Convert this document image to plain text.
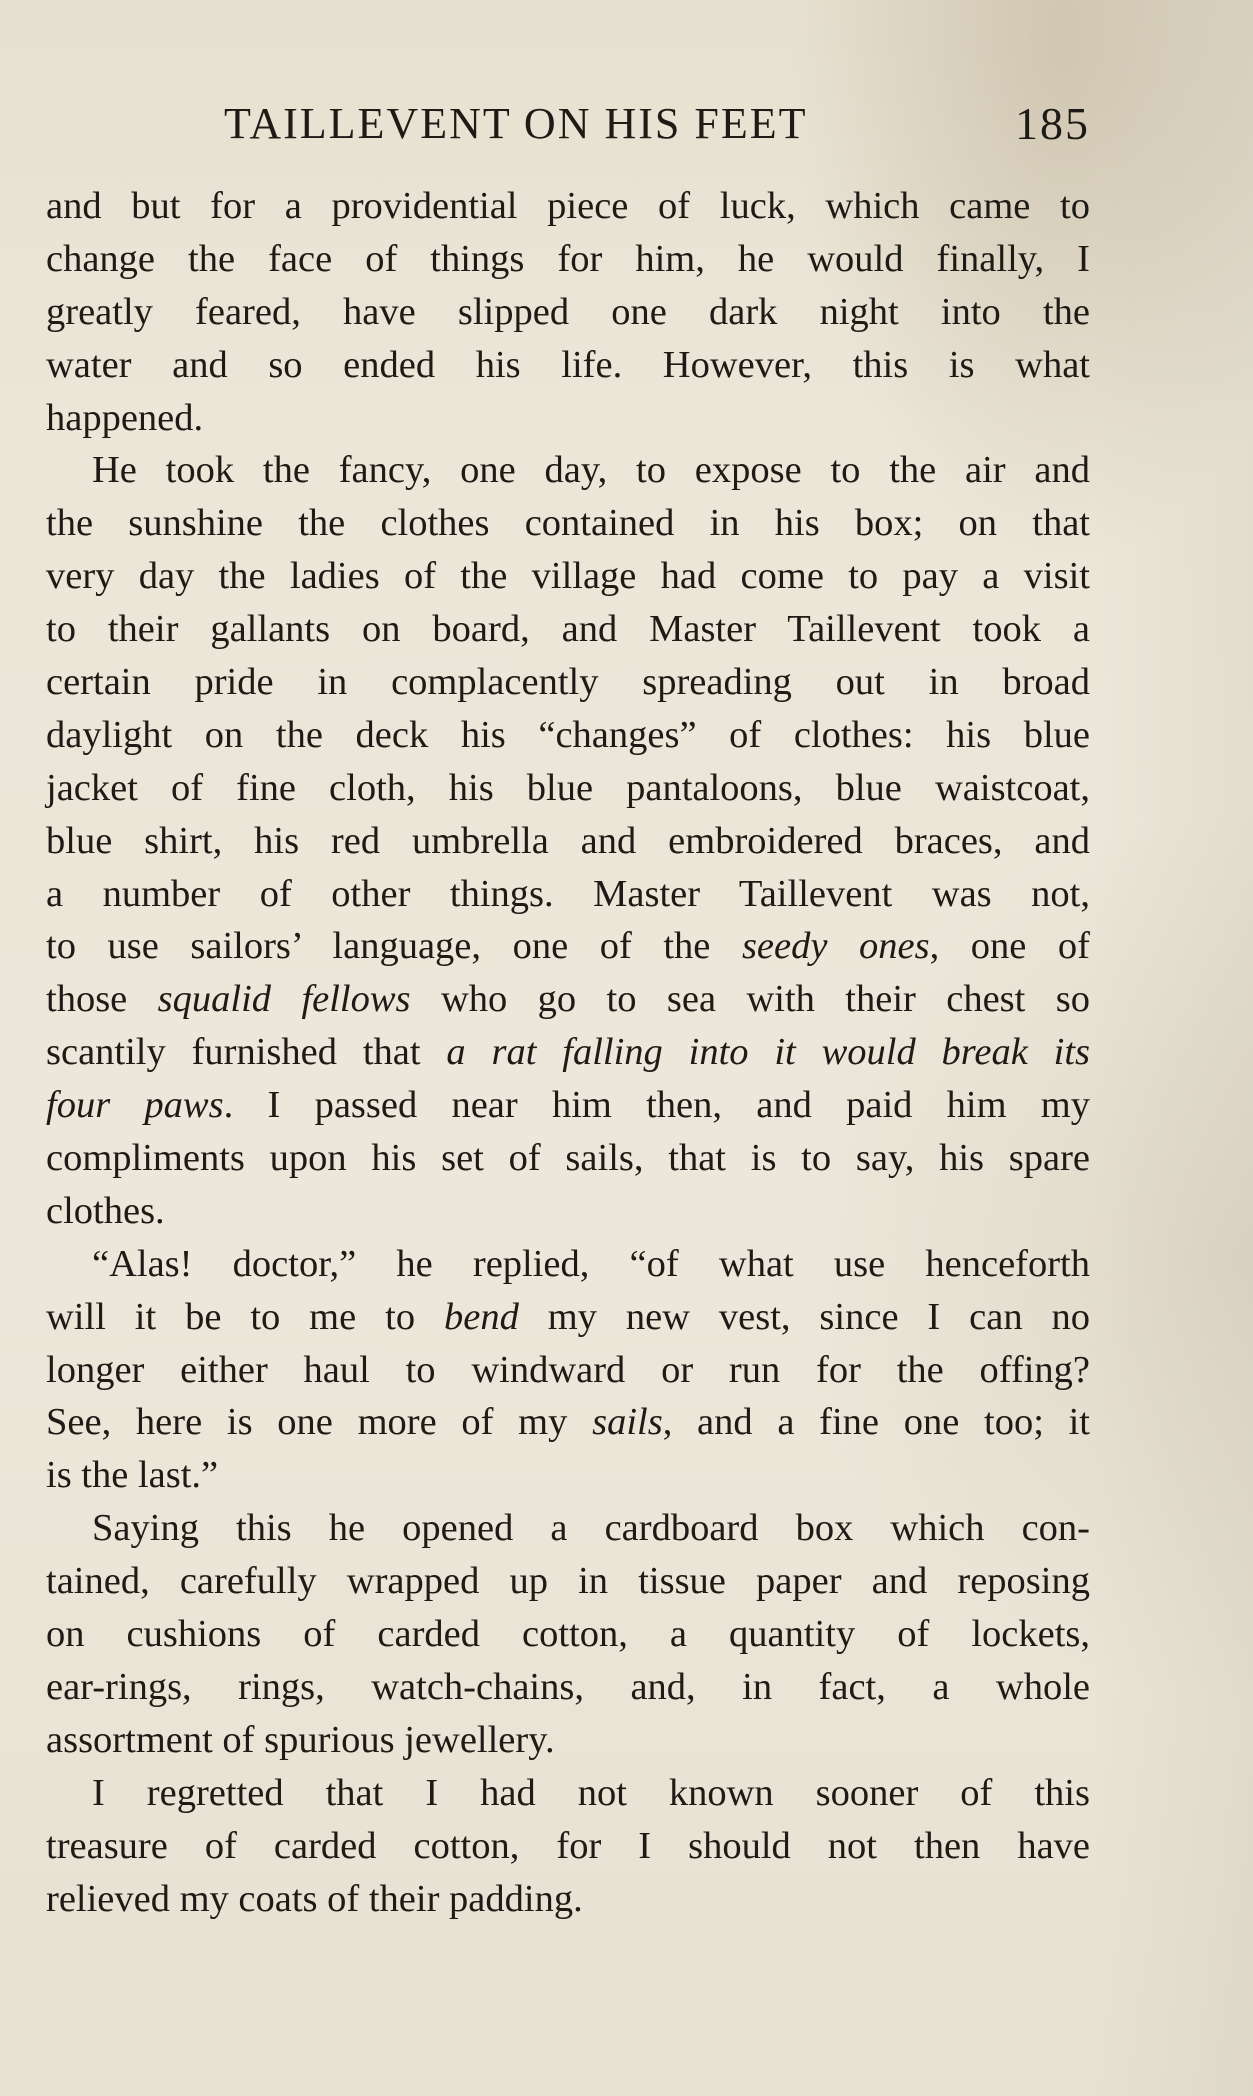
TAILLEVENT ON HIS FEET	185
and but for a providential piece of luck, which came to
change the face of things for him, he would finally, I
greatly feared, have slipped one dark night into the
water and so ended his life. However, this is what
happened.
He took the fancy, one day, to expose to the air and
the sunshine the clothes contained in his box; on that
very day the ladies of the village had come to pay a visit
to their gallants on board, and Master Taillevent took a
certain pride in complacently spreading out in broad
daylight on the deck his “changes” of clothes: his blue
jacket of fine cloth, his blue pantaloons, blue waistcoat,
blue shirt, his red umbrella and embroidered braces, and
a number of other things. Master Taillevent was not,
to use sailors’ language, one of the seedy ones, one of
those squalid fellows who go to sea with their chest so
scantily furnished that a rat falling into it would break its
four paws. I passed near him then, and paid him my
compliments upon his set of sails, that is to say, his spare
clothes.
“Alas! doctor,” he replied, “of what use henceforth
will it be to me to bend my new vest, since I can no
longer either haul to windward or run for the offing?
See, here is one more of my sails, and a fine one too; it
is the last.”
Saying this he opened a cardboard box which con-
tained, carefully wrapped up in tissue paper and reposing
on cushions of carded cotton, a quantity of lockets,
ear-rings, rings, watch-chains, and, in fact, a whole
assortment of spurious jewellery.
I regretted that I had not known sooner of this
treasure of carded cotton, for I should not then have
relieved my coats of their padding.
